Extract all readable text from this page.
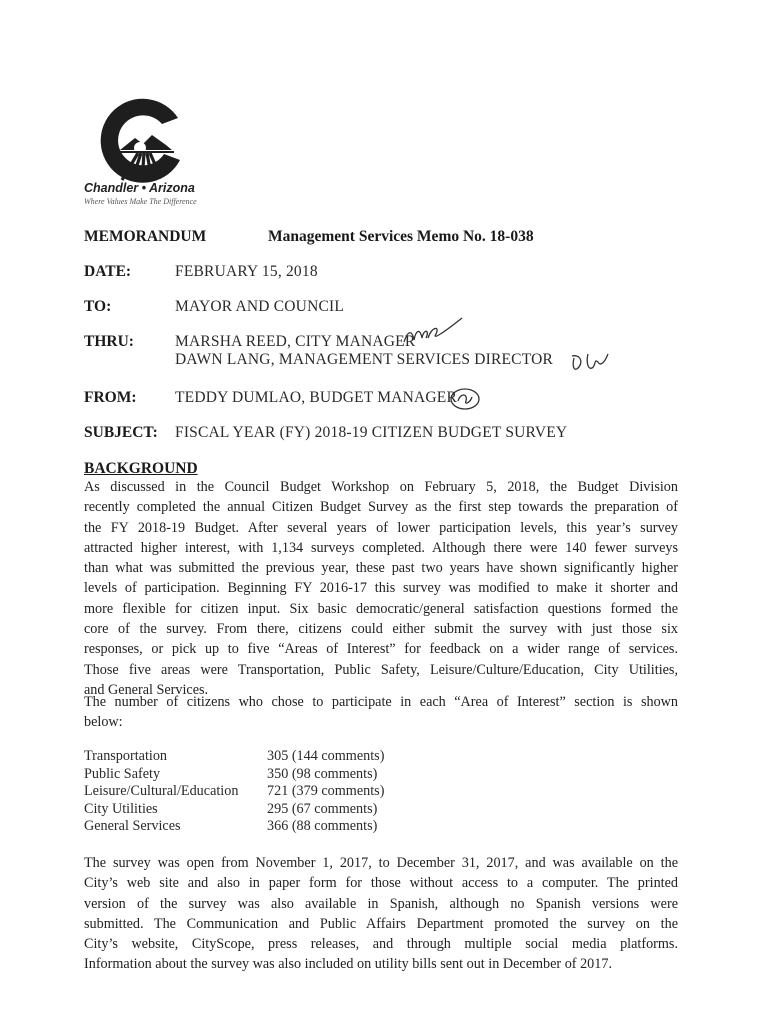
Chandler • Arizona
Where Values Make The Difference
MEMORANDUM	Management Services Memo No. 18-038
DATE:	FEBRUARY 15, 2018
TO:	MAYOR AND COUNCIL
THRU:	MARSHA REED, CITY MANAGER
DAWN LANG, MANAGEMENT SERVICES DIRECTOR
FROM: TEDDY DUMLAO, BUDGET MANAGER
SUBJECT: FISCAL YEAR (FY) 2018-19 CITIZEN BUDGET SURVEY
BACKGROUND
As discussed in the Council Budget Workshop on February 5, 2018, the Budget Division
recently completed the annual Citizen Budget Survey as the first step towards the preparation of
the FY 2018-19 Budget. After several years of lower participation levels, this year’s survey
attracted higher interest, with 1,134 surveys completed. Although there were 140 fewer surveys
than what was submitted the previous year, these past two years have shown significantly higher
levels of participation. Beginning FY 2016-17 this survey was modified to make it shorter and
more flexible for citizen input. Six basic democratic/general satisfaction questions formed the
core of the survey. From there, citizens could either submit the survey with just those six
responses, or pick up to five “Areas of Interest” for feedback on a wider range of services.
Those five areas were Transportation, Public Safety, Leisure/Culture/Education, City Utilities,
and General Services.
The number of citizens who chose to participate in each “Area of Interest” section is shown
below:
Transportation	305 (144 comments)
Public Safety	350 (98 comments)
Leisure/Cultural/Education 721 (379 comments)
City Utilities	295 (67 comments)
General Services	366 (88 comments)
The survey was open from November 1, 2017, to December 31, 2017, and was available on the
City’s web site and also in paper form for those without access to a computer. The printed
version of the survey was also available in Spanish, although no Spanish versions were
submitted. The Communication and Public Affairs Department promoted the survey on the
City’s website, CityScope, press releases, and through multiple social media platforms.
Information about the survey was also included on utility bills sent out in December of 2017.
